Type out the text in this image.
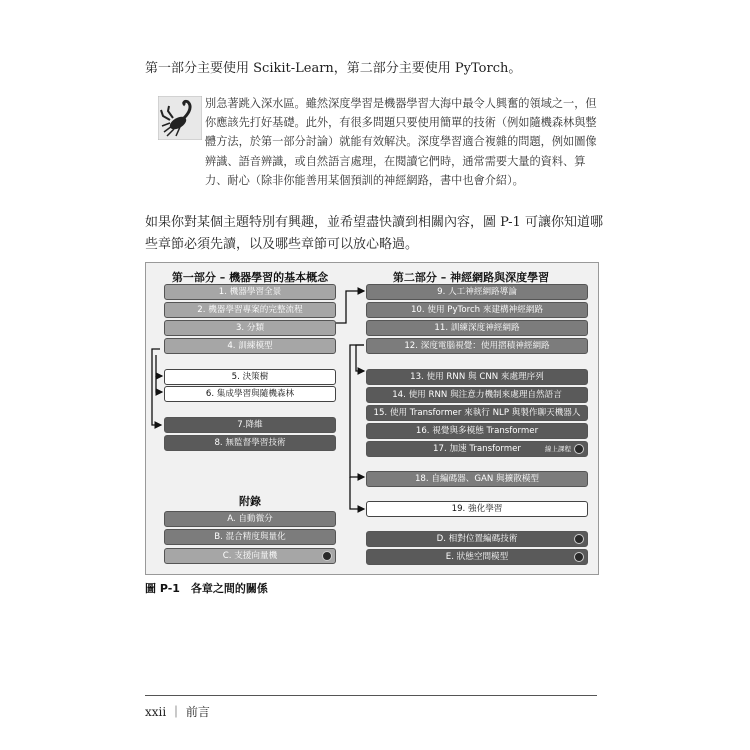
第一部分主要使用 Scikit-Learn，第二部分主要使用 PyTorch。
別急著跳入深水區。雖然深度學習是機器學習大海中最令人興奮的領域之一，但你應該先打好基礎。此外，有很多問題只要使用簡單的技術（例如隨機森林與整體方法，於第一部分討論）就能有效解決。深度學習適合複雜的問題，例如圖像辨識、語音辨識，或自然語言處理，在閱讀它們時，通常需要大量的資料、算力、耐心（除非你能善用某個預訓的神經網路，書中也會介紹）。
如果你對某個主題特別有興趣，並希望盡快讀到相關內容，圖 P-1 可讓你知道哪些章節必須先讀，以及哪些章節可以放心略過。
第一部分 – 機器學習的基本概念	第二部分 – 神經網路與深度學習
1. 機器學習全景
2. 機器學習專案的完整流程
3. 分類
4. 訓練模型
5. 決策樹
6. 集成學習與隨機森林
7.降維
8. 無監督學習技術
9. 人工神經網路導論
10. 使用 PyTorch 來建構神經網路
11. 訓練深度神經網路
12. 深度電腦視覺：使用摺積神經網路
13. 使用 RNN 與 CNN 來處理序列
14. 使用 RNN 與注意力機制來處理自然語言
15. 使用 Transformer 來執行 NLP 與製作聊天機器人
16. 視覺與多模態 Transformer
17. 加速 Transformer	線上課程
18. 自編碼器、GAN 與擴散模型
19. 強化學習
附錄
A. 自動微分
B. 混合精度與量化
C. 支援向量機
D. 相對位置編碼技術
E. 狀態空間模型
圖 P-1　各章之間的關係
xxii ｜ 前言
